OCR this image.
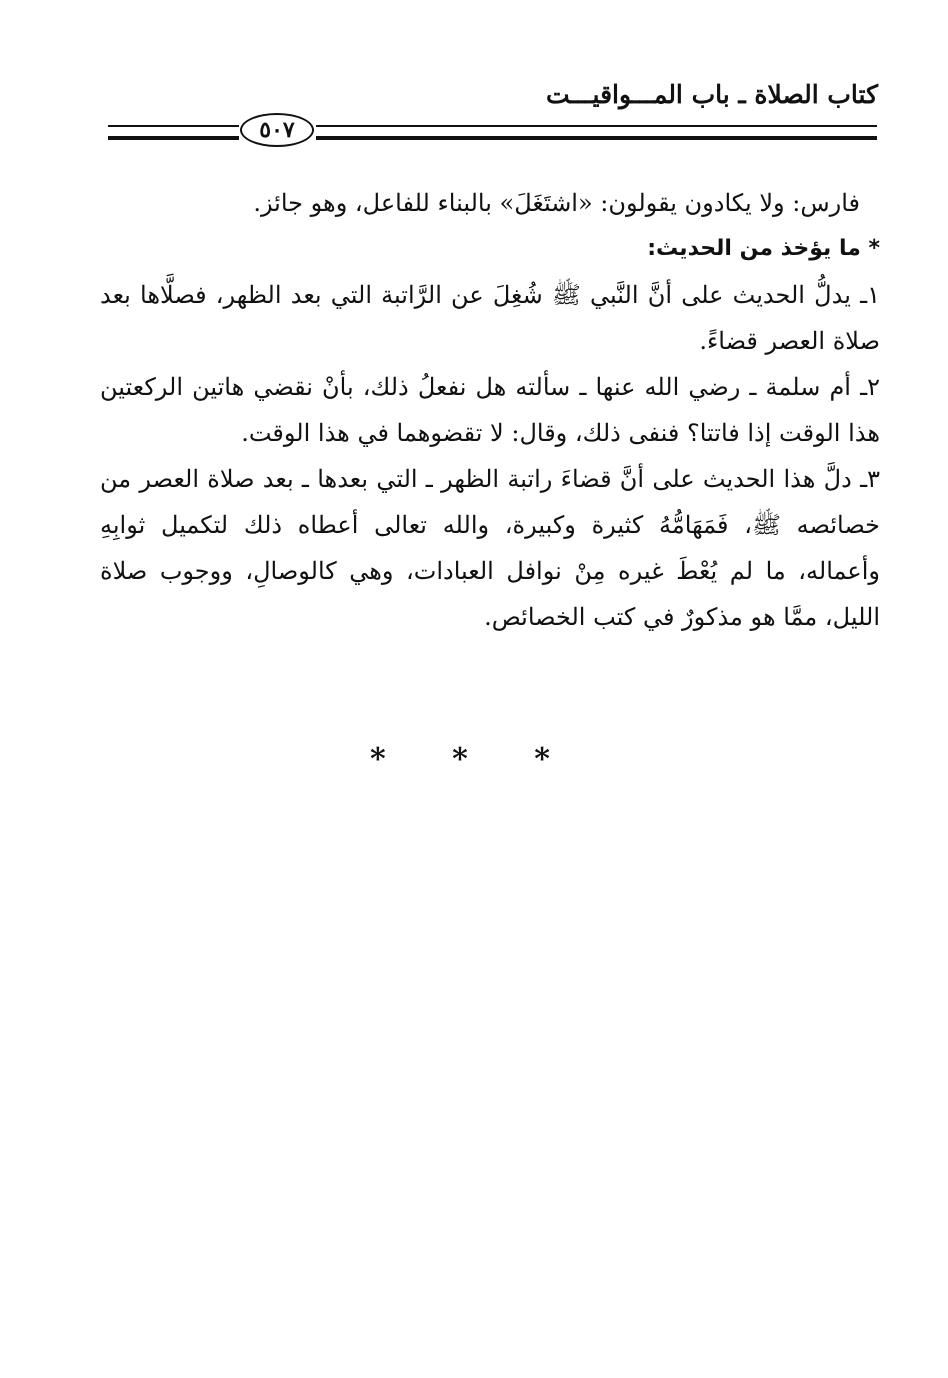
كتاب الصلاة ـ باب المـــواقيـــت
٥٠٧

فارس: ولا يكادون يقولون: «اشتَغَلَ» بالبناء للفاعل، وهو جائز.

* ما يؤخذ من الحديث:

١ـ يدلُّ الحديث على أنَّ النَّبي ﷺ شُغِلَ عن الرَّاتبة التي بعد الظهر، فصلَّاها بعد صلاة العصر قضاءً.

٢ـ أم سلمة ـ رضي الله عنها ـ سألته هل نفعلُ ذلك، بأنْ نقضي هاتين الركعتين هذا الوقت إذا فاتتا؟ فنفى ذلك، وقال: لا تقضوهما في هذا الوقت.

٣ـ دلَّ هذا الحديث على أنَّ قضاءَ راتبة الظهر ـ التي بعدها ـ بعد صلاة العصر من خصائصه ﷺ، فَمَهَامُّهُ كثيرة وكبيرة، والله تعالى أعطاه ذلك لتكميل ثوابِهِ وأعماله، ما لم يُعْطَ غيره مِنْ نوافل العبادات، وهي كالوصالِ، ووجوب صلاة الليل، ممَّا هو مذكورٌ في كتب الخصائص.

* * *
